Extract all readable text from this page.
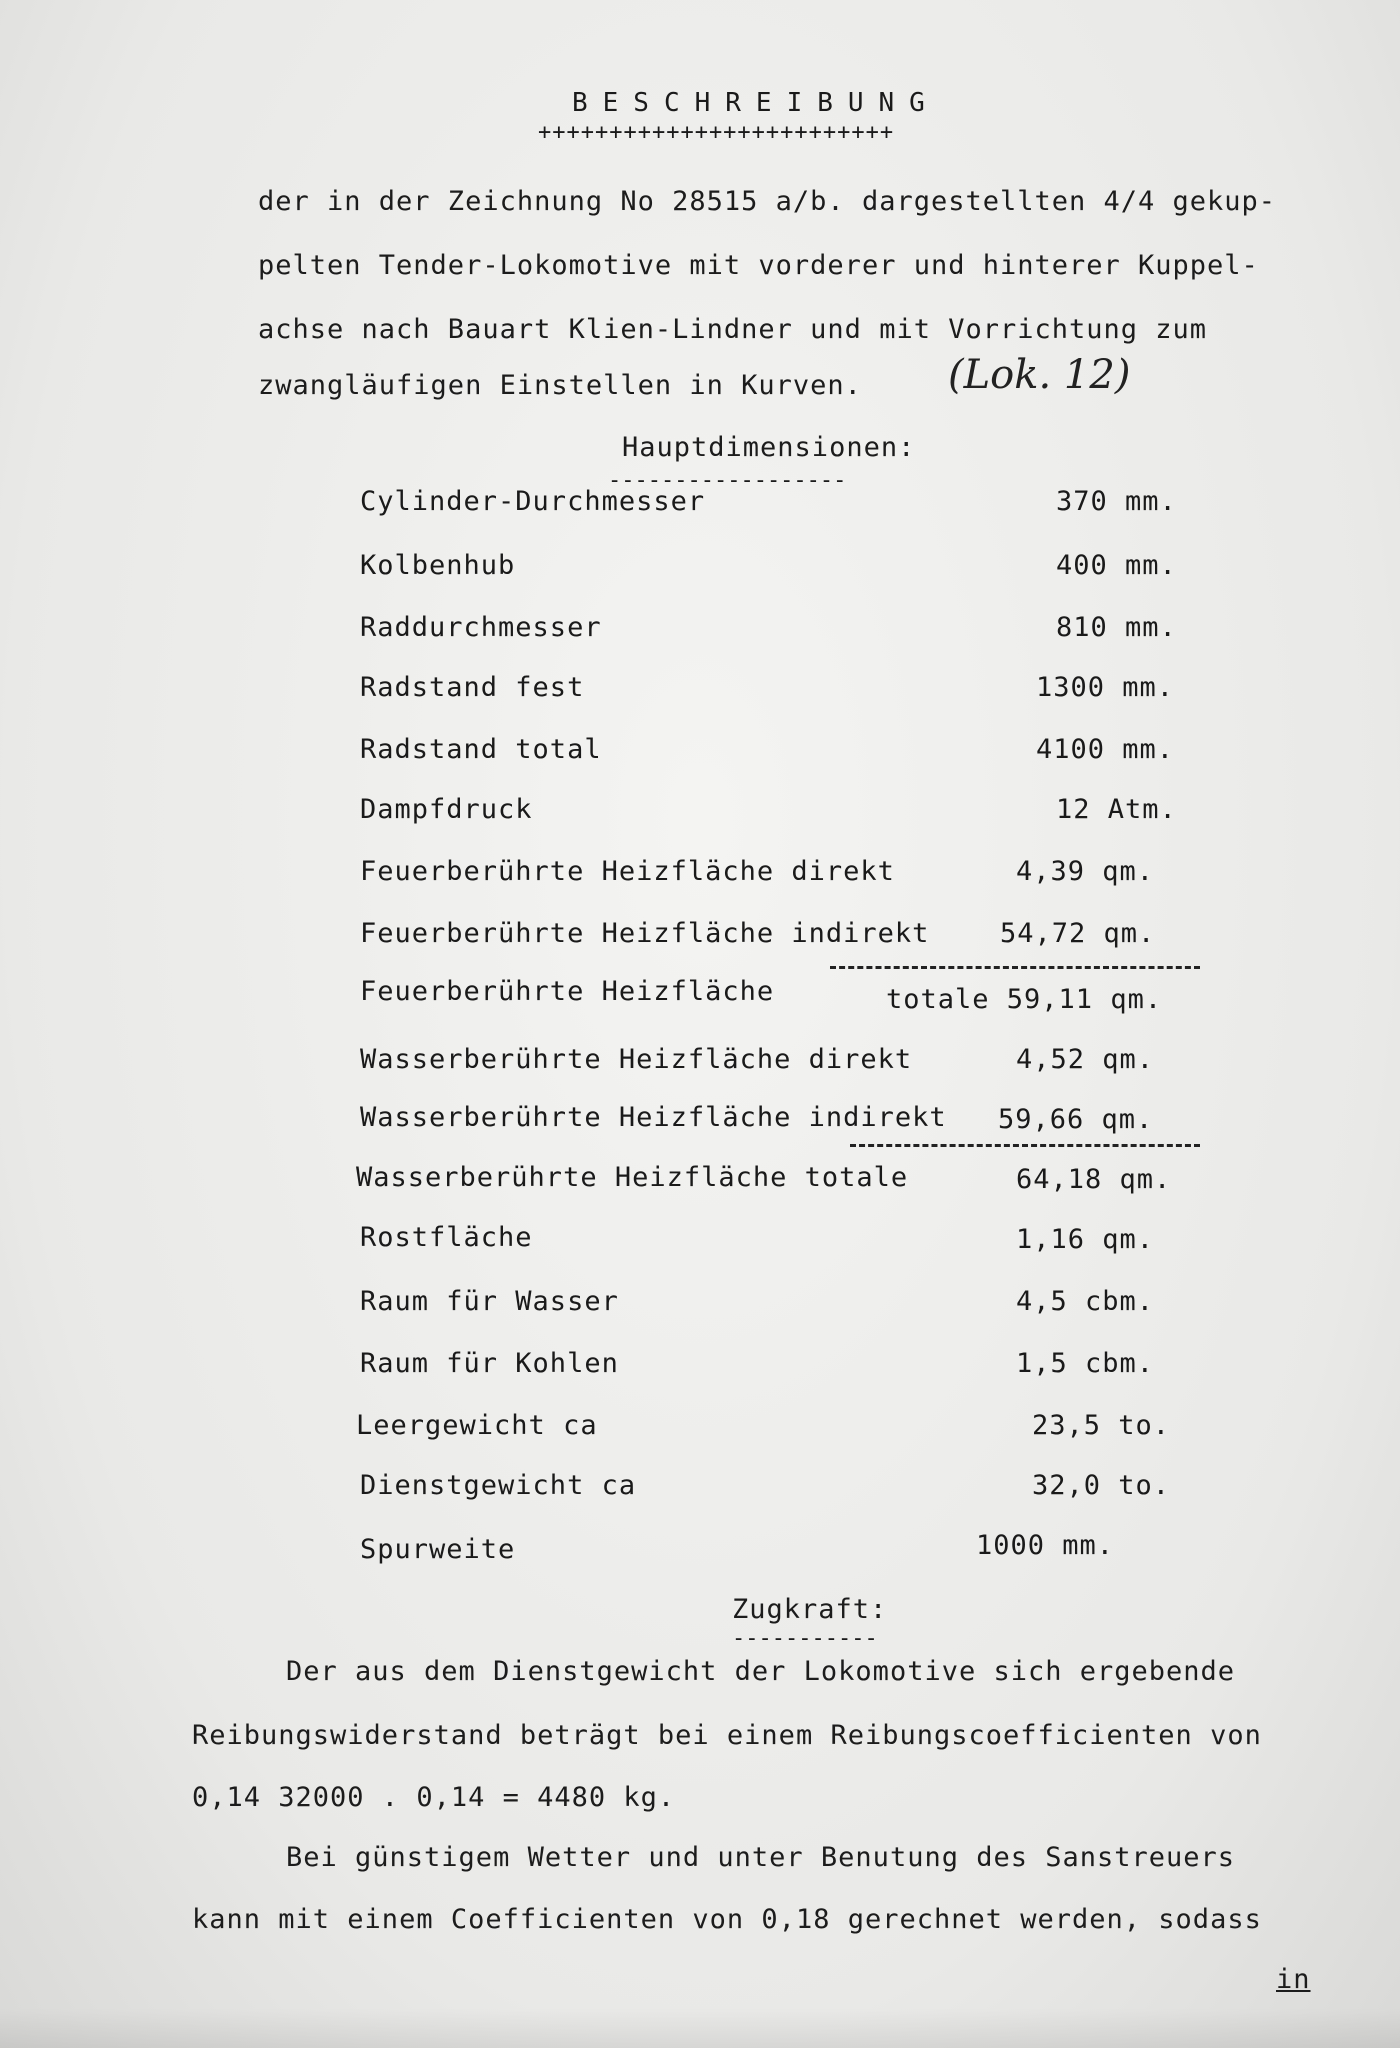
BESCHREIBUNG
+++++++++++++++++++++++++
der in der Zeichnung No 28515 a/b. dargestellten 4/4 gekup-
pelten Tender-Lokomotive mit vorderer und hinterer Kuppel-
achse nach Bauart Klien-Lindner und mit Vorrichtung zum
zwangläufigen Einstellen in Kurven. (Lok. 12)
Hauptdimensionen:
------------------
Cylinder-Durchmesser	370 mm.
Kolbenhub	400 mm.
Raddurchmesser	810 mm.
Radstand fest	1300 mm.
Radstand total	4100 mm.
Dampfdruck	12 Atm.
Feuerberührte Heizfläche direkt	4,39 qm.
Feuerberührte Heizfläche indirekt	54,72 qm.
Feuerberührte Heizfläche	totale 59,11 qm.
Wasserberührte Heizfläche direkt	4,52 qm.
Wasserberührte Heizfläche indirekt 59,66 qm.
Wasserberührte Heizfläche totale	64,18 qm.
Rostfläche	1,16 qm.
Raum für Wasser	4,5 cbm.
Raum für Kohlen	1,5 cbm.
Leergewicht ca	23,5 to.
Dienstgewicht ca	32,0 to.
Spurweite	1000 mm.
Zugkraft:
-----------
Der aus dem Dienstgewicht der Lokomotive sich ergebende
Reibungswiderstand beträgt bei einem Reibungscoefficienten von
0,14 32000 . 0,14 = 4480 kg.
Bei günstigem Wetter und unter Benutung des Sanstreuers
kann mit einem Coefficienten von 0,18 gerechnet werden, sodass
in
